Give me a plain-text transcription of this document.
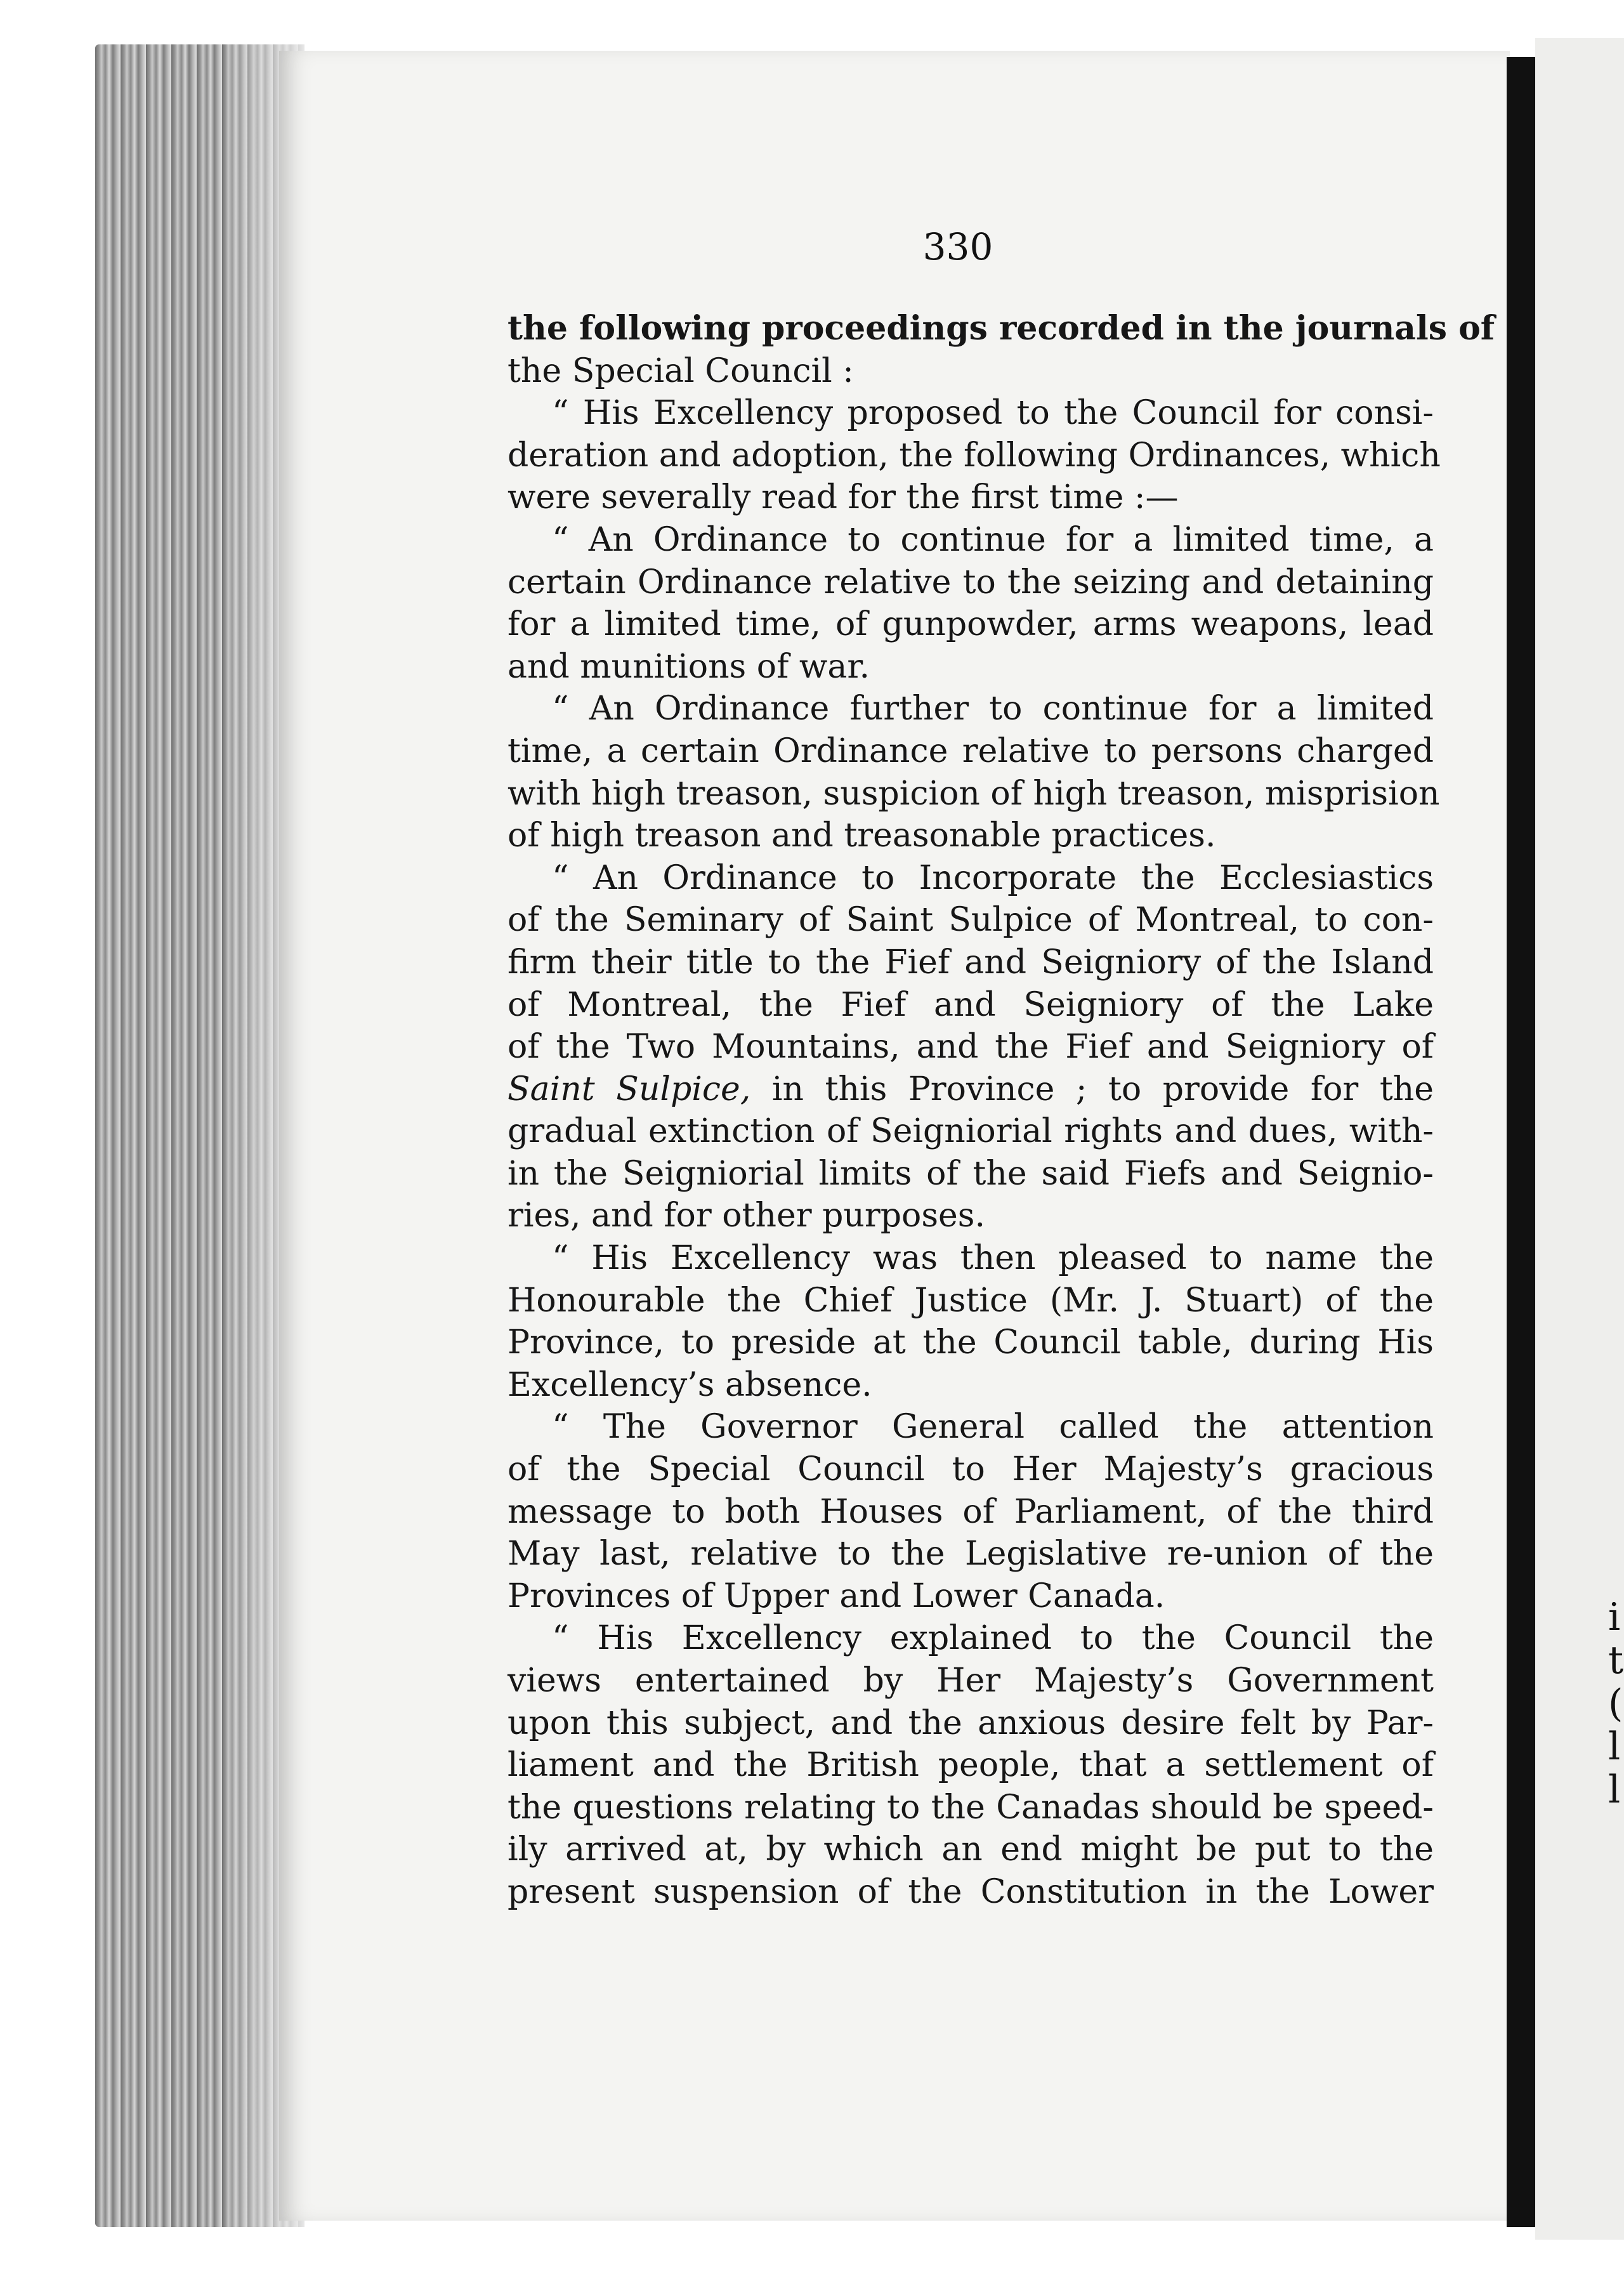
i
t
(
l
l

330

the following proceedings recorded in the journals of
the Special Council :
“ His Excellency proposed to the Council for consi-
deration and adoption, the following Ordinances, which
were severally read for the first time :—
“ An Ordinance to continue for a limited time, a
certain Ordinance relative to the seizing and detaining
for a limited time, of gunpowder, arms weapons, lead
and munitions of war.
“ An Ordinance further to continue for a limited
time, a certain Ordinance relative to persons charged
with high treason, suspicion of high treason, misprision
of high treason and treasonable practices.
“ An Ordinance to Incorporate the Ecclesiastics
of the Seminary of Saint Sulpice of Montreal, to con-
firm their title to the Fief and Seigniory of the Island
of Montreal, the Fief and Seigniory of the Lake
of the Two Mountains, and the Fief and Seigniory of
Saint Sulpice, in this Province ; to provide for the
gradual extinction of Seigniorial rights and dues, with-
in the Seigniorial limits of the said Fiefs and Seignio-
ries, and for other purposes.
“ His Excellency was then pleased to name the
Honourable the Chief Justice (Mr. J. Stuart) of the
Province, to preside at the Council table, during His
Excellency’s absence.
“ The Governor General called the attention
of the Special Council to Her Majesty’s gracious
message to both Houses of Parliament, of the third
May last, relative to the Legislative re-union of the
Provinces of Upper and Lower Canada.
“ His Excellency explained to the Council the
views entertained by Her Majesty’s Government
upon this subject, and the anxious desire felt by Par-
liament and the British people, that a settlement of
the questions relating to the Canadas should be speed-
ily arrived at, by which an end might be put to the
present suspension of the Constitution in the Lower
